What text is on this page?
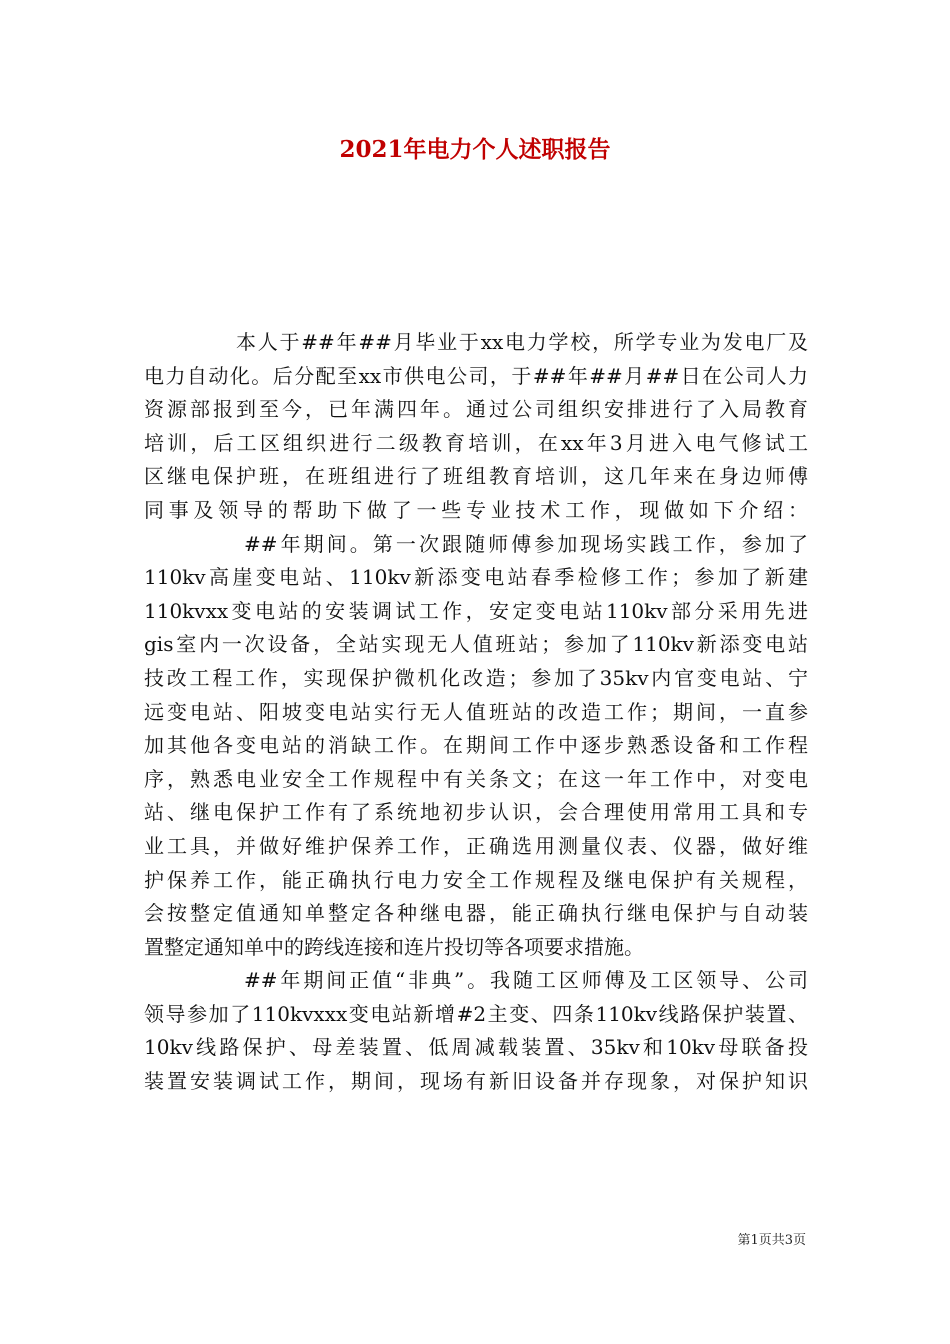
2021年电力个人述职报告

本人于##年##月毕业于xx电力学校，所学专业为发电厂及

电力自动化。后分配至xx市供电公司，于##年##月##日在公司人力

资源部报到至今，已年满四年。通过公司组织安排进行了入局教育

培训，后工区组织进行二级教育培训，在xx年3月进入电气修试工

区继电保护班，在班组进行了班组教育培训，这几年来在身边师傅

同事及领导的帮助下做了一些专业技术工作，现做如下介绍：

##年期间。第一次跟随师傅参加现场实践工作，参加了

110kv高崖变电站、110kv新添变电站春季检修工作；参加了新建

110kvxx变电站的安装调试工作，安定变电站110kv部分采用先进

gis室内一次设备，全站实现无人值班站；参加了110kv新添变电站

技改工程工作，实现保护微机化改造；参加了35kv内官变电站、宁

远变电站、阳坡变电站实行无人值班站的改造工作；期间，一直参

加其他各变电站的消缺工作。在期间工作中逐步熟悉设备和工作程

序，熟悉电业安全工作规程中有关条文；在这一年工作中，对变电

站、继电保护工作有了系统地初步认识，会合理使用常用工具和专

业工具，并做好维护保养工作，正确选用测量仪表、仪器，做好维

护保养工作，能正确执行电力安全工作规程及继电保护有关规程，

会按整定值通知单整定各种继电器，能正确执行继电保护与自动装

置整定通知单中的跨线连接和连片投切等各项要求措施。

##年期间正值“非典”。我随工区师傅及工区领导、公司

领导参加了110kvxxx变电站新增#2主变、四条110kv线路保护装置、

10kv线路保护、母差装置、低周减载装置、35kv和10kv母联备投

装置安装调试工作，期间，现场有新旧设备并存现象，对保护知识

第1页共3页
